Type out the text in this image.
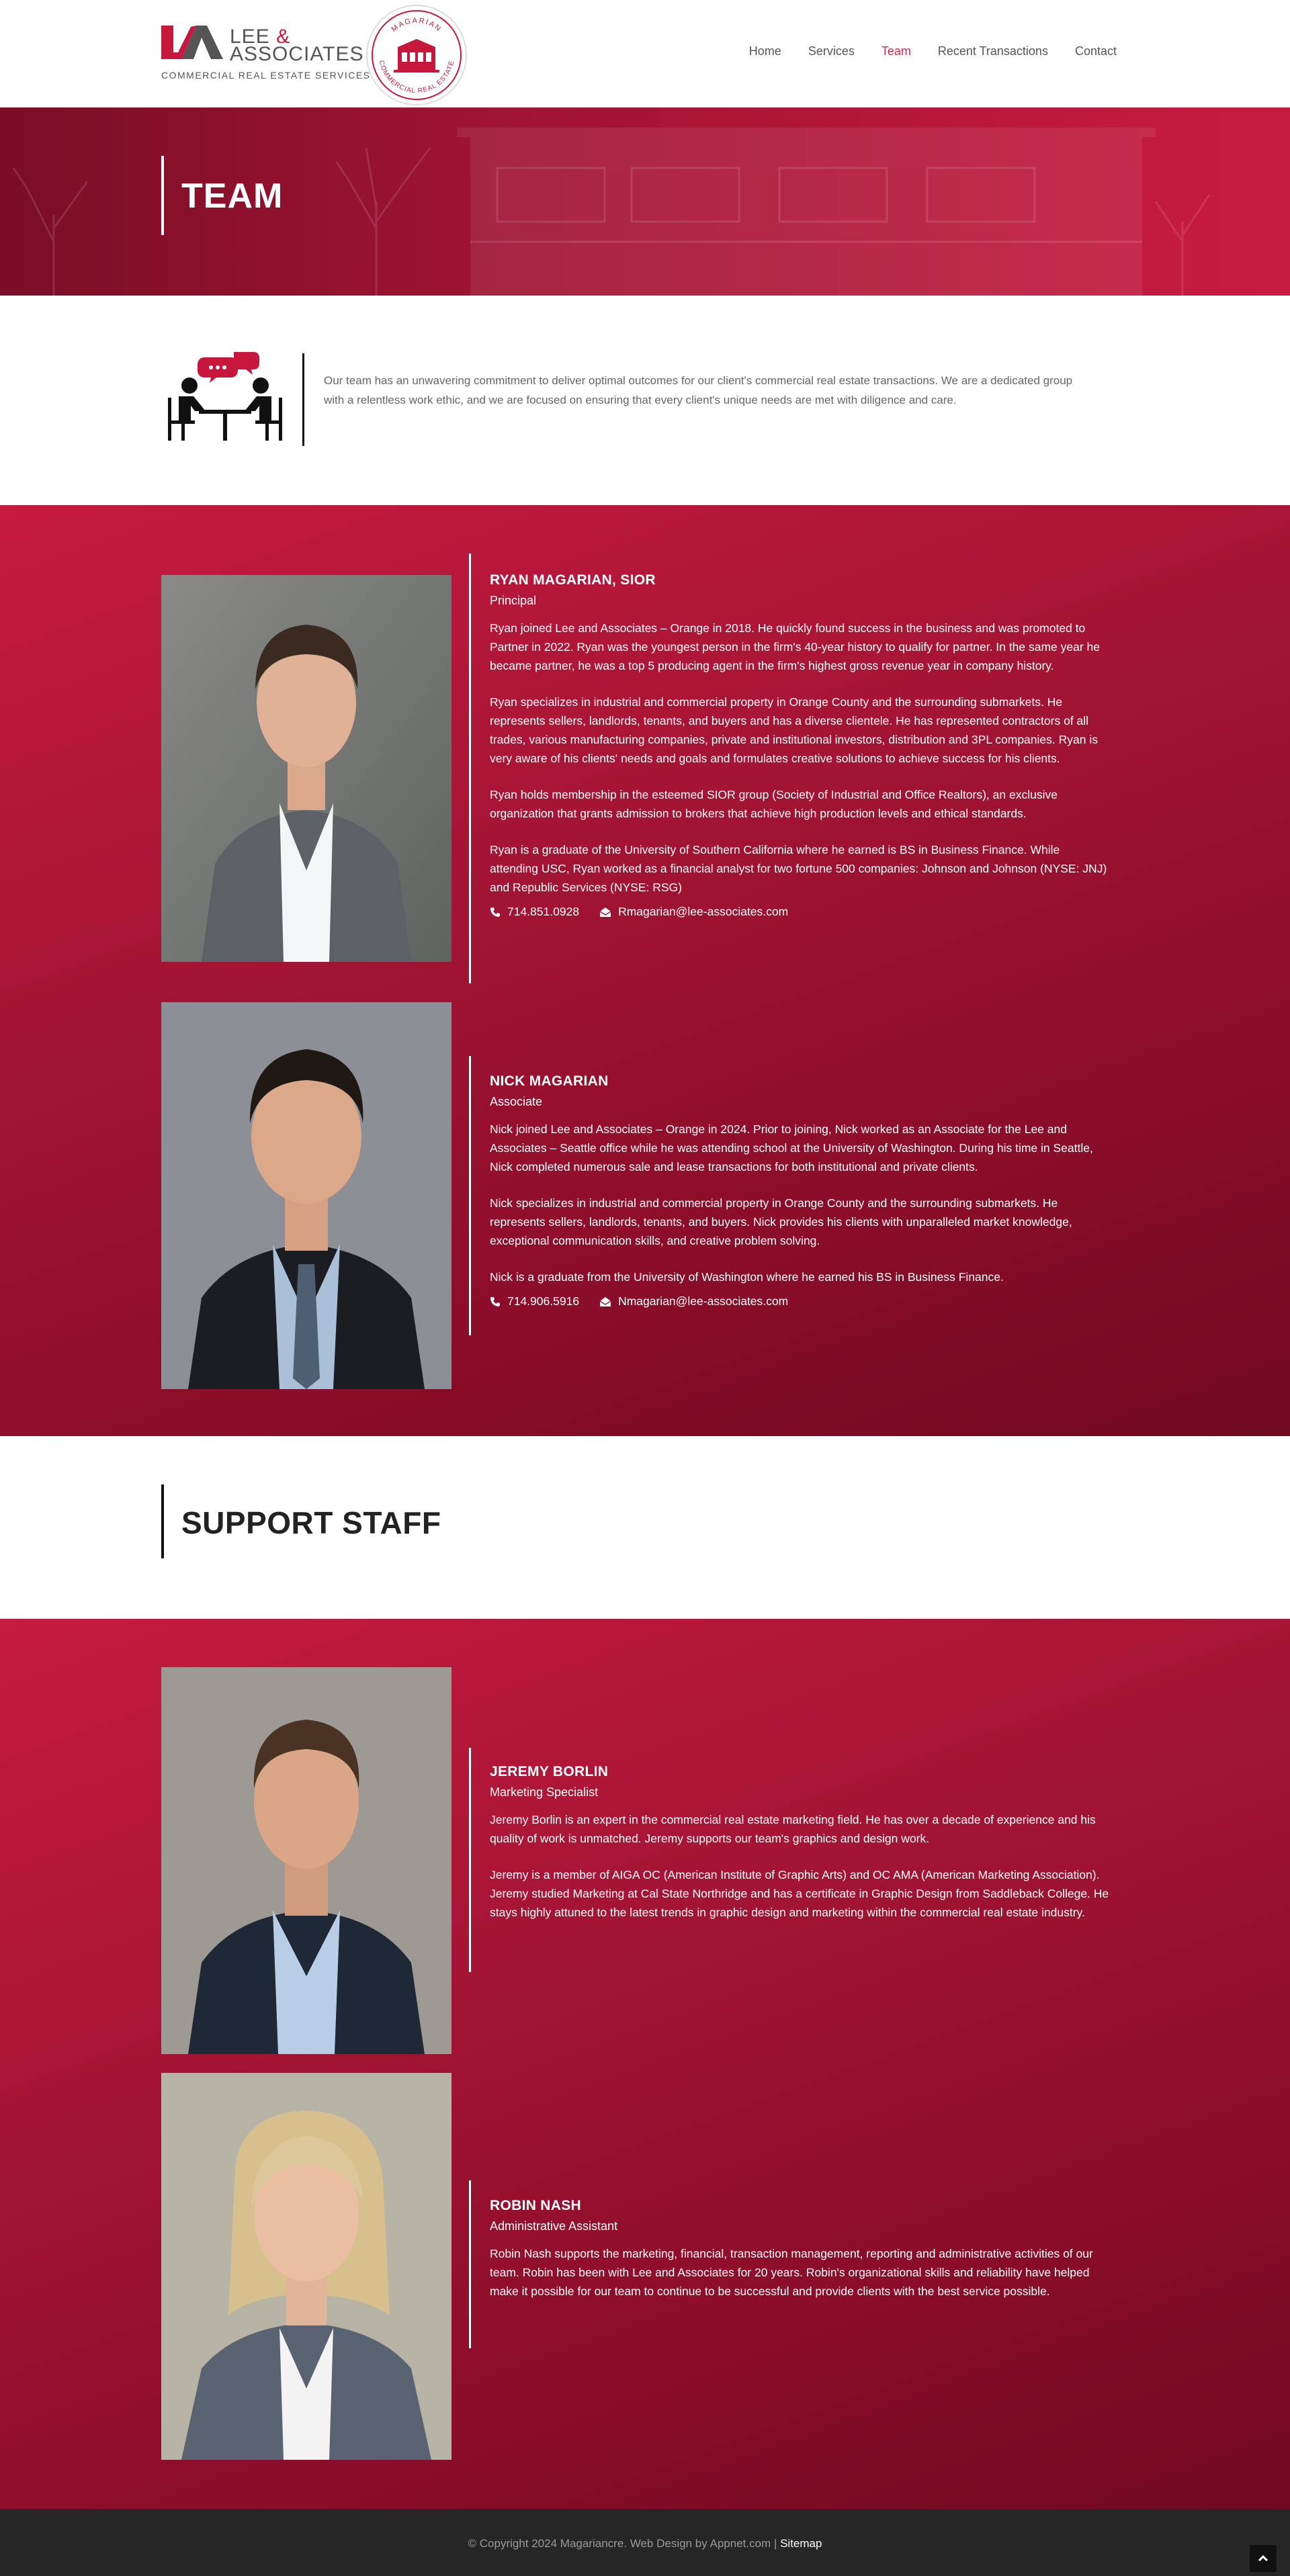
LEE &
ASSOCIATES
COMMERCIAL REAL ESTATE SERVICES
MAGARIAN
COMMERCIAL REAL ESTATE
Home Services Team Recent Transactions Contact
TEAM

Our team has an unwavering commitment to deliver optimal outcomes for our client's commercial real estate transactions. We are a dedicated group with a relentless work ethic, and we are focused on ensuring that every client's unique needs are met with diligence and care.

RYAN MAGARIAN, SIOR
Principal

Ryan joined Lee and Associates – Orange in 2018. He quickly found success in the business and was promoted to Partner in 2022. Ryan was the youngest person in the firm's 40-year history to qualify for partner. In the same year he became partner, he was a top 5 producing agent in the firm's highest gross revenue year in company history.

Ryan specializes in industrial and commercial property in Orange County and the surrounding submarkets. He represents sellers, landlords, tenants, and buyers and has a diverse clientele. He has represented contractors of all trades, various manufacturing companies, private and institutional investors, distribution and 3PL companies. Ryan is very aware of his clients' needs and goals and formulates creative solutions to achieve success for his clients.

Ryan holds membership in the esteemed SIOR group (Society of Industrial and Office Realtors), an exclusive organization that grants admission to brokers that achieve high production levels and ethical standards.

Ryan is a graduate of the University of Southern California where he earned is BS in Business Finance. While attending USC, Ryan worked as a financial analyst for two fortune 500 companies: Johnson and Johnson (NYSE: JNJ) and Republic Services (NYSE: RSG)

714.851.0928	Rmagarian@lee-associates.com
NICK MAGARIAN
Associate

Nick joined Lee and Associates – Orange in 2024. Prior to joining, Nick worked as an Associate for the Lee and Associates – Seattle office while he was attending school at the University of Washington. During his time in Seattle, Nick completed numerous sale and lease transactions for both institutional and private clients.

Nick specializes in industrial and commercial property in Orange County and the surrounding submarkets. He represents sellers, landlords, tenants, and buyers. Nick provides his clients with unparalleled market knowledge, exceptional communication skills, and creative problem solving.

Nick is a graduate from the University of Washington where he earned his BS in Business Finance.

714.906.5916	Nmagarian@lee-associates.com
SUPPORT STAFF
JEREMY BORLIN
Marketing Specialist

Jeremy Borlin is an expert in the commercial real estate marketing field. He has over a decade of experience and his quality of work is unmatched. Jeremy supports our team's graphics and design work.

Jeremy is a member of AIGA OC (American Institute of Graphic Arts) and OC AMA (American Marketing Association). Jeremy studied Marketing at Cal State Northridge and has a certificate in Graphic Design from Saddleback College. He stays highly attuned to the latest trends in graphic design and marketing within the commercial real estate industry.

ROBIN NASH
Administrative Assistant

Robin Nash supports the marketing, financial, transaction management, reporting and administrative activities of our team. Robin has been with Lee and Associates for 20 years. Robin's organizational skills and reliability have helped make it possible for our team to continue to be successful and provide clients with the best service possible.

© Copyright 2024 Magariancre. Web Design by Appnet.com | Sitemap
